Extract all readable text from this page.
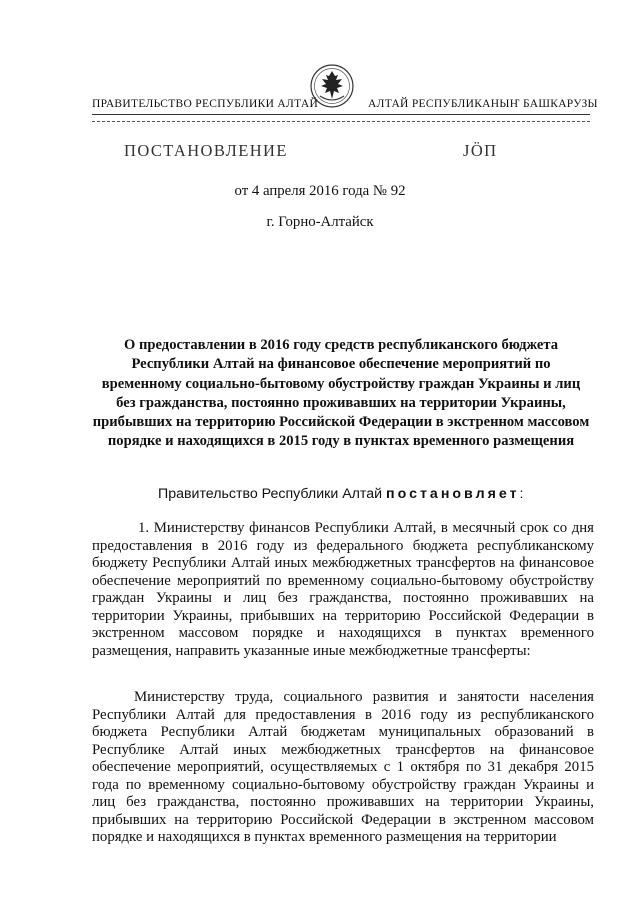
ПРАВИТЕЛЬСТВО РЕСПУБЛИКИ АЛТАЙ	АЛТАЙ РЕСПУБЛИКАНЫҤ БАШКАРУЗЫ
ПОСТАНОВЛЕНИЕ	JӦП
от 4 апреля 2016 года № 92
г. Горно-Алтайск
О предоставлении в 2016 году средств республиканского бюджета Республики Алтай на финансовое обеспечение мероприятий по временному социально-бытовому обустройству граждан Украины и лиц без гражданства, постоянно проживавших на территории Украины, прибывших на территорию Российской Федерации в экстренном массовом порядке и находящихся в 2015 году в пунктах временного размещения
Правительство Республики Алтай постановляет:
1. Министерству финансов Республики Алтай, в месячный срок со дня предоставления в 2016 году из федерального бюджета республиканскому бюджету Республики Алтай иных межбюджетных трансфертов на финансовое обеспечение мероприятий по временному социально-бытовому обустройству граждан Украины и лиц без гражданства, постоянно проживавших на территории Украины, прибывших на территорию Российской Федерации в экстренном массовом порядке и находящихся в пунктах временного размещения, направить указанные иные межбюджетные трансферты:
Министерству труда, социального развития и занятости населения Республики Алтай для предоставления в 2016 году из республиканского бюджета Республики Алтай бюджетам муниципальных образований в Республике Алтай иных межбюджетных трансфертов на финансовое обеспечение мероприятий, осуществляемых с 1 октября по 31 декабря 2015 года по временному социально-бытовому обустройству граждан Украины и лиц без гражданства, постоянно проживавших на территории Украины, прибывших на территорию Российской Федерации в экстренном массовом порядке и находящихся в пунктах временного размещения на территории
